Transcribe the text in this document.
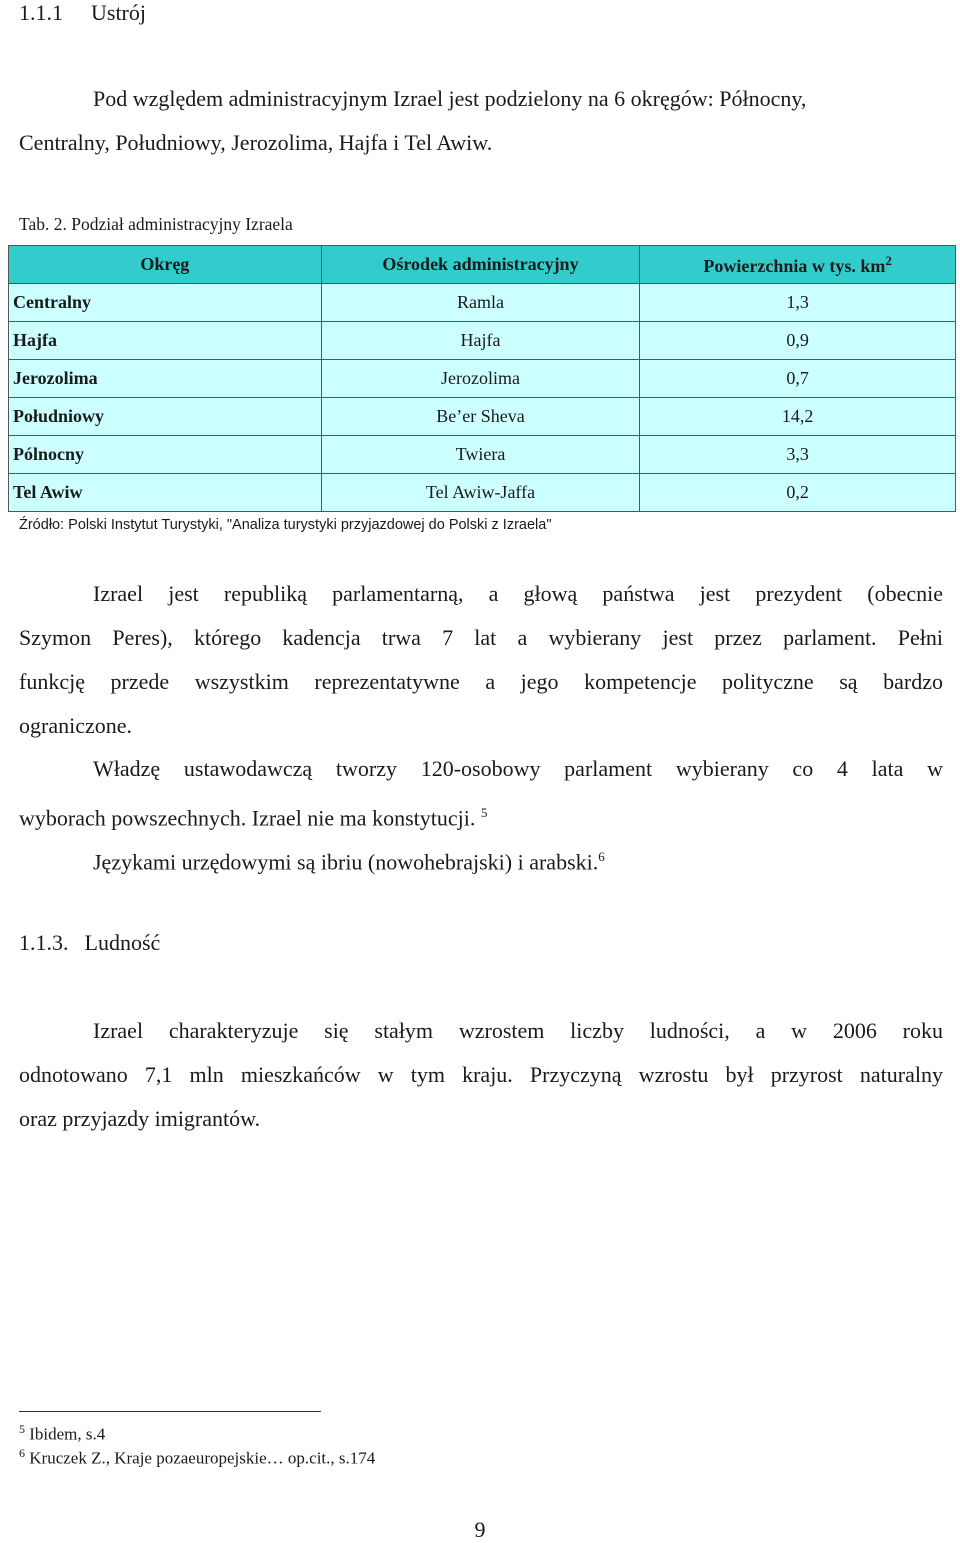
1.1.1 Ustrój
Pod względem administracyjnym Izrael jest podzielony na 6 okręgów: Północny,
Centralny, Południowy, Jerozolima, Hajfa i Tel Awiw.
Tab. 2. Podział administracyjny Izraela
Okręg	Ośrodek administracyjny	Powierzchnia w tys. $km^2$
Centralny	Ramla	1,3
Hajfa	Hajfa	0,9
Jerozolima	Jerozolima	0,7
Południowy	Be’er Sheva	14,2
Pólnocny	Twiera	3,3
Tel Awiw	Tel Awiw-Jaffa	0,2
Źródło: Polski Instytut Turystyki, "Analiza turystyki przyjazdowej do Polski z Izraela"
Izrael jest republiką parlamentarną, a głową państwa jest prezydent (obecnie
Szymon Peres), którego kadencja trwa 7 lat a wybierany jest przez parlament. Pełni
funkcję przede wszystkim reprezentatywne a jego kompetencje polityczne są bardzo
ograniczone.
Władzę ustawodawczą tworzy 120-osobowy parlament wybierany co 4 lata w
wyborach powszechnych. Izrael nie ma konstytucji. $^5$
Językami urzędowymi są ibriu (nowohebrajski) i arabski.$^6$
1.1.3. Ludność
Izrael charakteryzuje się stałym wzrostem liczby ludności, a w 2006 roku
odnotowano 7,1 mln mieszkańców w tym kraju. Przyczyną wzrostu był przyrost naturalny
oraz przyjazdy imigrantów.
$^5$ Ibidem, s.4
$^6$ Kruczek Z., Kraje pozaeuropejskie… op.cit., s.174
9
